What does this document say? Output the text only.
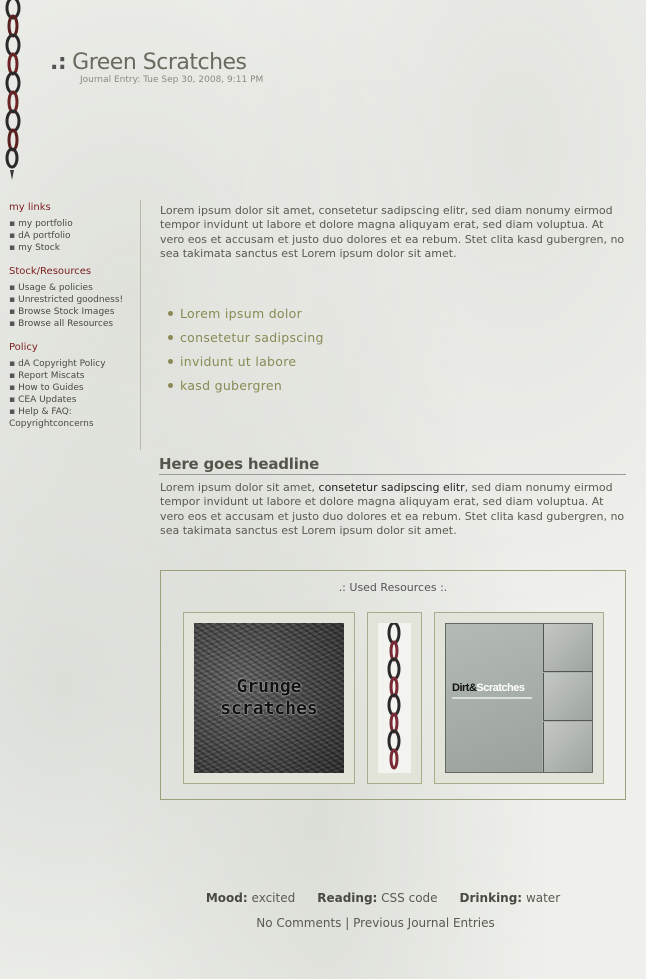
.: Green Scratches
Journal Entry: Tue Sep 30, 2008, 9:11 PM
my links
▪ my portfolio
▪ dA portfolio
▪ my Stock
Stock/Resources
▪ Usage & policies
▪ Unrestricted goodness!
▪ Browse Stock Images
▪ Browse all Resources
Policy
▪ dA Copyright Policy
▪ Report Miscats
▪ How to Guides
▪ CEA Updates
▪ Help & FAQ:
Copyrightconcerns

Lorem ipsum dolor sit amet, consetetur sadipscing elitr, sed diam nonumy eirmod tempor invidunt ut labore et dolore magna aliquyam erat, sed diam voluptua. At vero eos et accusam et justo duo dolores et ea rebum. Stet clita kasd gubergren, no sea takimata sanctus est Lorem ipsum dolor sit amet.

Lorem ipsum dolor
consetetur sadipscing
invidunt ut labore
kasd gubergren
Here goes headline

Lorem ipsum dolor sit amet, consetetur sadipscing elitr, sed diam nonumy eirmod tempor invidunt ut labore et dolore magna aliquyam erat, sed diam voluptua. At vero eos et accusam et justo duo dolores et ea rebum. Stet clita kasd gubergren, no sea takimata sanctus est Lorem ipsum dolor sit amet.

.: Used Resources :.
Grunge
scratches
Dirt&Scratches
Mood: excited Reading: CSS code Drinking: water
No Comments | Previous Journal Entries
